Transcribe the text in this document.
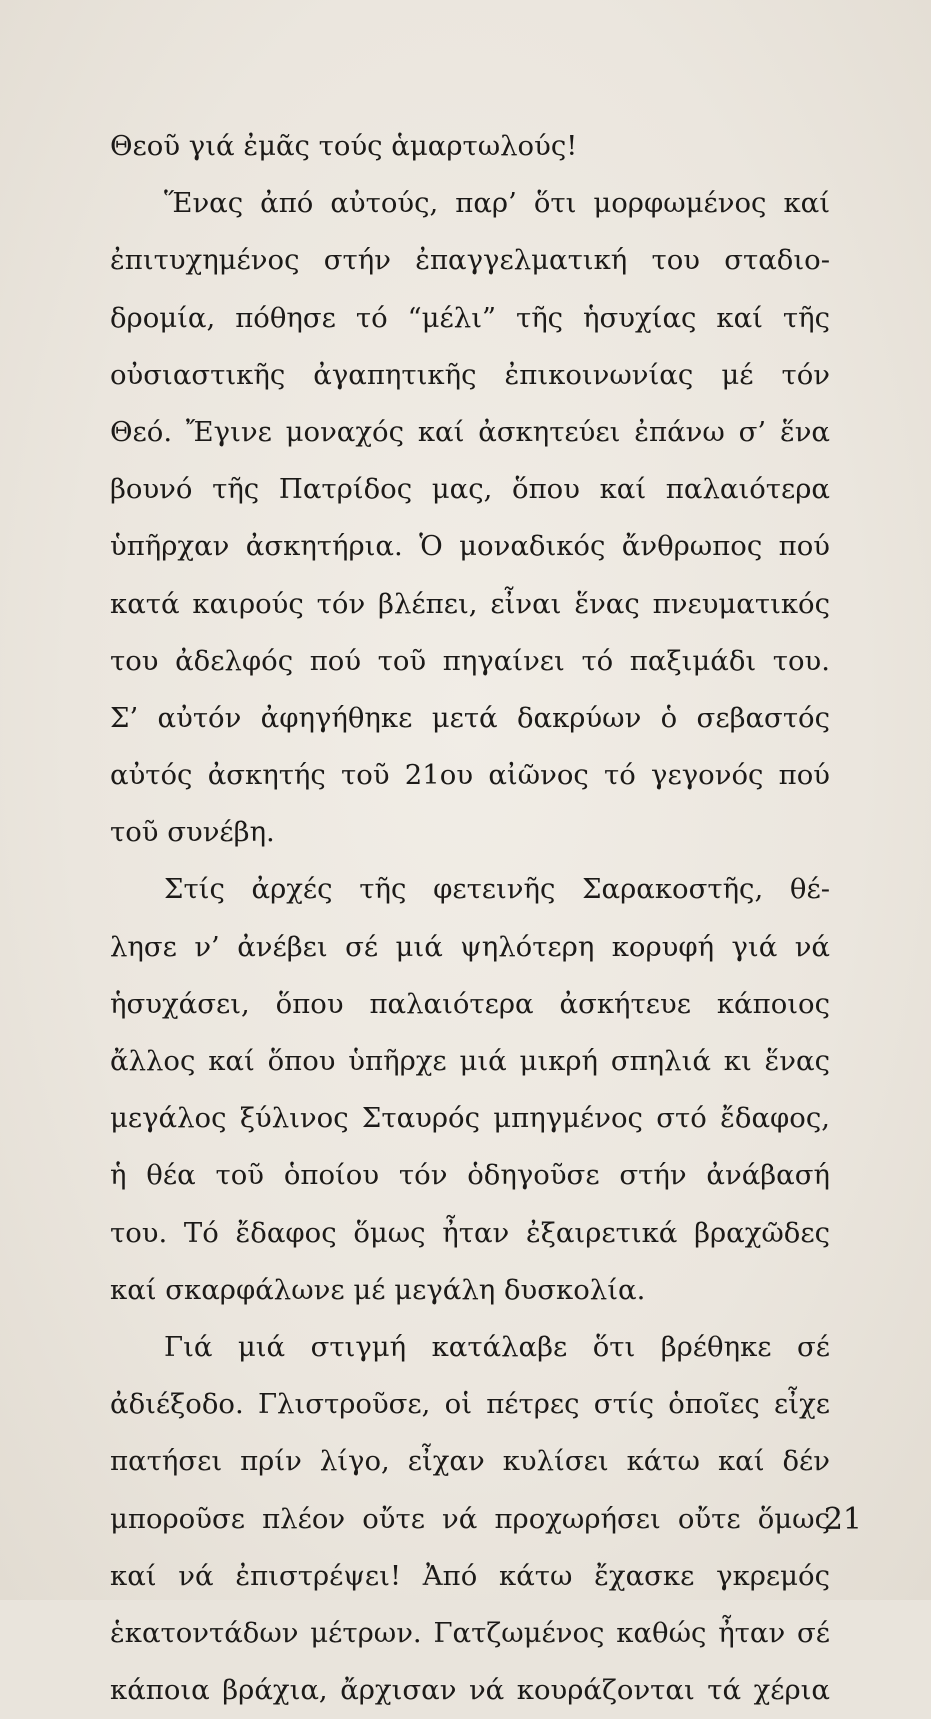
Θεοῦ γιά ἐμᾶς τούς ἁμαρτωλούς!
Ἕνας ἀπό αὐτούς, παρ’ ὅτι μορφωμένος καί
ἐπιτυχημένος στήν ἐπαγγελματική του σταδιο-
δρομία, πόθησε τό “μέλι” τῆς ἡσυχίας καί τῆς
οὐσιαστικῆς ἀγαπητικῆς ἐπικοινωνίας μέ τόν
Θεό. Ἔγινε μοναχός καί ἀσκητεύει ἐπάνω σ’ ἕνα
βουνό τῆς Πατρίδος μας, ὅπου καί παλαιότερα
ὑπῆρχαν ἀσκητήρια. Ὁ μοναδικός ἄνθρωπος πού
κατά καιρούς τόν βλέπει, εἶναι ἕνας πνευματικός
του ἀδελφός πού τοῦ πηγαίνει τό παξιμάδι του.
Σ’ αὐτόν ἀφηγήθηκε μετά δακρύων ὁ σεβαστός
αὐτός ἀσκητής τοῦ 21ου αἰῶνος τό γεγονός πού
τοῦ συνέβη.
Στίς ἀρχές τῆς φετεινῆς Σαρακοστῆς, θέ-
λησε ν’ ἀνέβει σέ μιά ψηλότερη κορυφή γιά νά
ἡσυχάσει, ὅπου παλαιότερα ἀσκήτευε κάποιος
ἄλλος καί ὅπου ὑπῆρχε μιά μικρή σπηλιά κι ἕνας
μεγάλος ξύλινος Σταυρός μπηγμένος στό ἔδαφος,
ἡ θέα τοῦ ὁποίου τόν ὁδηγοῦσε στήν ἀνάβασή
του. Τό ἔδαφος ὅμως ἦταν ἐξαιρετικά βραχῶδες
καί σκαρφάλωνε μέ μεγάλη δυσκολία.
Γιά μιά στιγμή κατάλαβε ὅτι βρέθηκε σέ
ἀδιέξοδο. Γλιστροῦσε, οἱ πέτρες στίς ὁποῖες εἶχε
πατήσει πρίν λίγο, εἶχαν κυλίσει κάτω καί δέν
μποροῦσε πλέον οὔτε νά προχωρήσει οὔτε ὅμως
καί νά ἐπιστρέψει! Ἀπό κάτω ἔχασκε γκρεμός
ἑκατοντάδων μέτρων. Γατζωμένος καθώς ἦταν σέ
κάποια βράχια, ἄρχισαν νά κουράζονται τά χέρια
21
